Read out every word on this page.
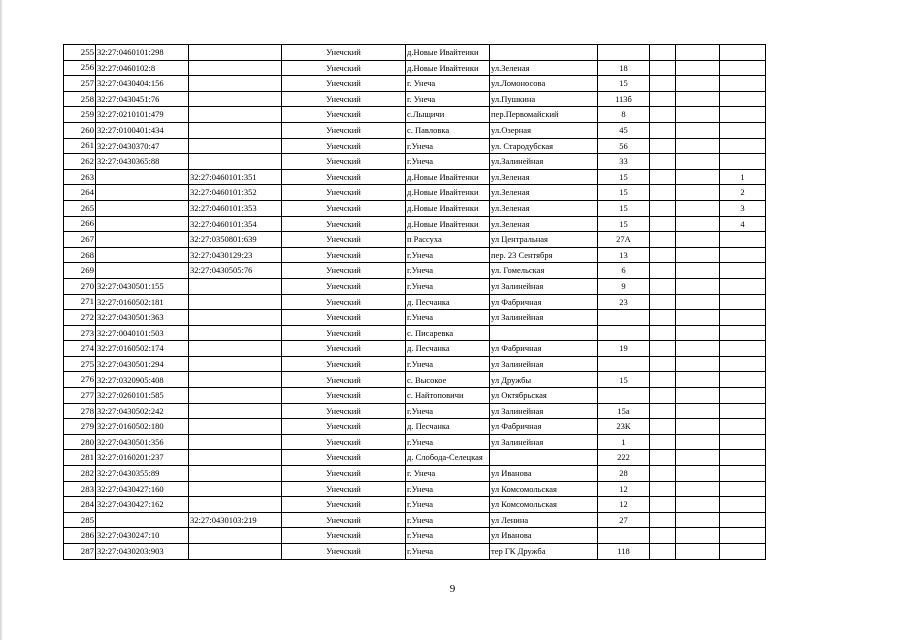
255	32:27:0460101:298		Унечский	д.Новые Ивайтенки					
256	32:27:0460102:8		Унечский	д.Новые Ивайтенки	ул.Зеленая	18			
257	32:27:0430404:156		Унечский	г. Унеча	ул.Ломоносова	15			
258	32:27:0430451:76		Унечский	г. Унеча	ул.Пушкина	113б			
259	32:27:0210101:479		Унечский	с.Лыщичи	пер.Первомайский	8			
260	32:27:0100401:434		Унечский	с. Павловка	ул.Озерная	45			
261	32:27:0430370:47		Унечский	г.Унеча	ул. Стародубская	56			
262	32:27:0430365:88		Унечский	г.Унеча	ул.Залинейная	33			
263		32:27:0460101:351	Унечский	д.Новые Ивайтенки	ул.Зеленая	15			1
264		32:27:0460101:352	Унечский	д.Новые Ивайтенки	ул.Зеленая	15			2
265		32:27:0460101:353	Унечский	д.Новые Ивайтенки	ул.Зеленая	15			3
266		32:27:0460101:354	Унечский	д.Новые Ивайтенки	ул.Зеленая	15			4
267		32:27:0350801:639	Унечский	п Рассуха	ул Центральная	27А			
268		32:27:0430129:23	Унечский	г.Унеча	пер. 23 Сентября	13			
269		32:27:0430505:76	Унечский	г.Унеча	ул. Гомельская	6			
270	32:27:0430501:155		Унечский	г.Унеча	ул Залинейная	9			
271	32:27:0160502:181		Унечский	д. Песчанка	ул Фабричная	23			
272	32:27:0430501:363		Унечский	г.Унеча	ул Залинейная				
273	32:27:0040101:503		Унечский	с. Писаревка					
274	32:27:0160502:174		Унечский	д. Песчанка	ул Фабричная	19			
275	32:27:0430501:294		Унечский	г.Унеча	ул Залинейная				
276	32:27:0320905:408		Унечский	с. Высокое	ул Дружбы	15			
277	32:27:0260101:585		Унечский	с. Найтоповичи	ул Октябрьская				
278	32:27:0430502:242		Унечский	г.Унеча	ул Залинейная	15а			
279	32:27:0160502:180		Унечский	д. Песчанка	ул Фабричная	23К			
280	32:27:0430501:356		Унечский	г.Унеча	ул Залинейная	1			
281	32:27:0160201:237		Унечский	д. Слобода-Селецкая		222			
282	32:27:0430355:89		Унечский	г. Унеча	ул Иванова	28			
283	32:27:0430427:160		Унечский	г.Унеча	ул Комсомольская	12			
284	32:27:0430427:162		Унечский	г.Унеча	ул Комсомольская	12			
285		32:27:0430103:219	Унечский	г.Унеча	ул Ленина	27			
286	32:27:0430247:10		Унечский	г.Унеча	ул Иванова				
287	32:27:0430203:903		Унечский	г.Унеча	тер ГК Дружба	118			
9
